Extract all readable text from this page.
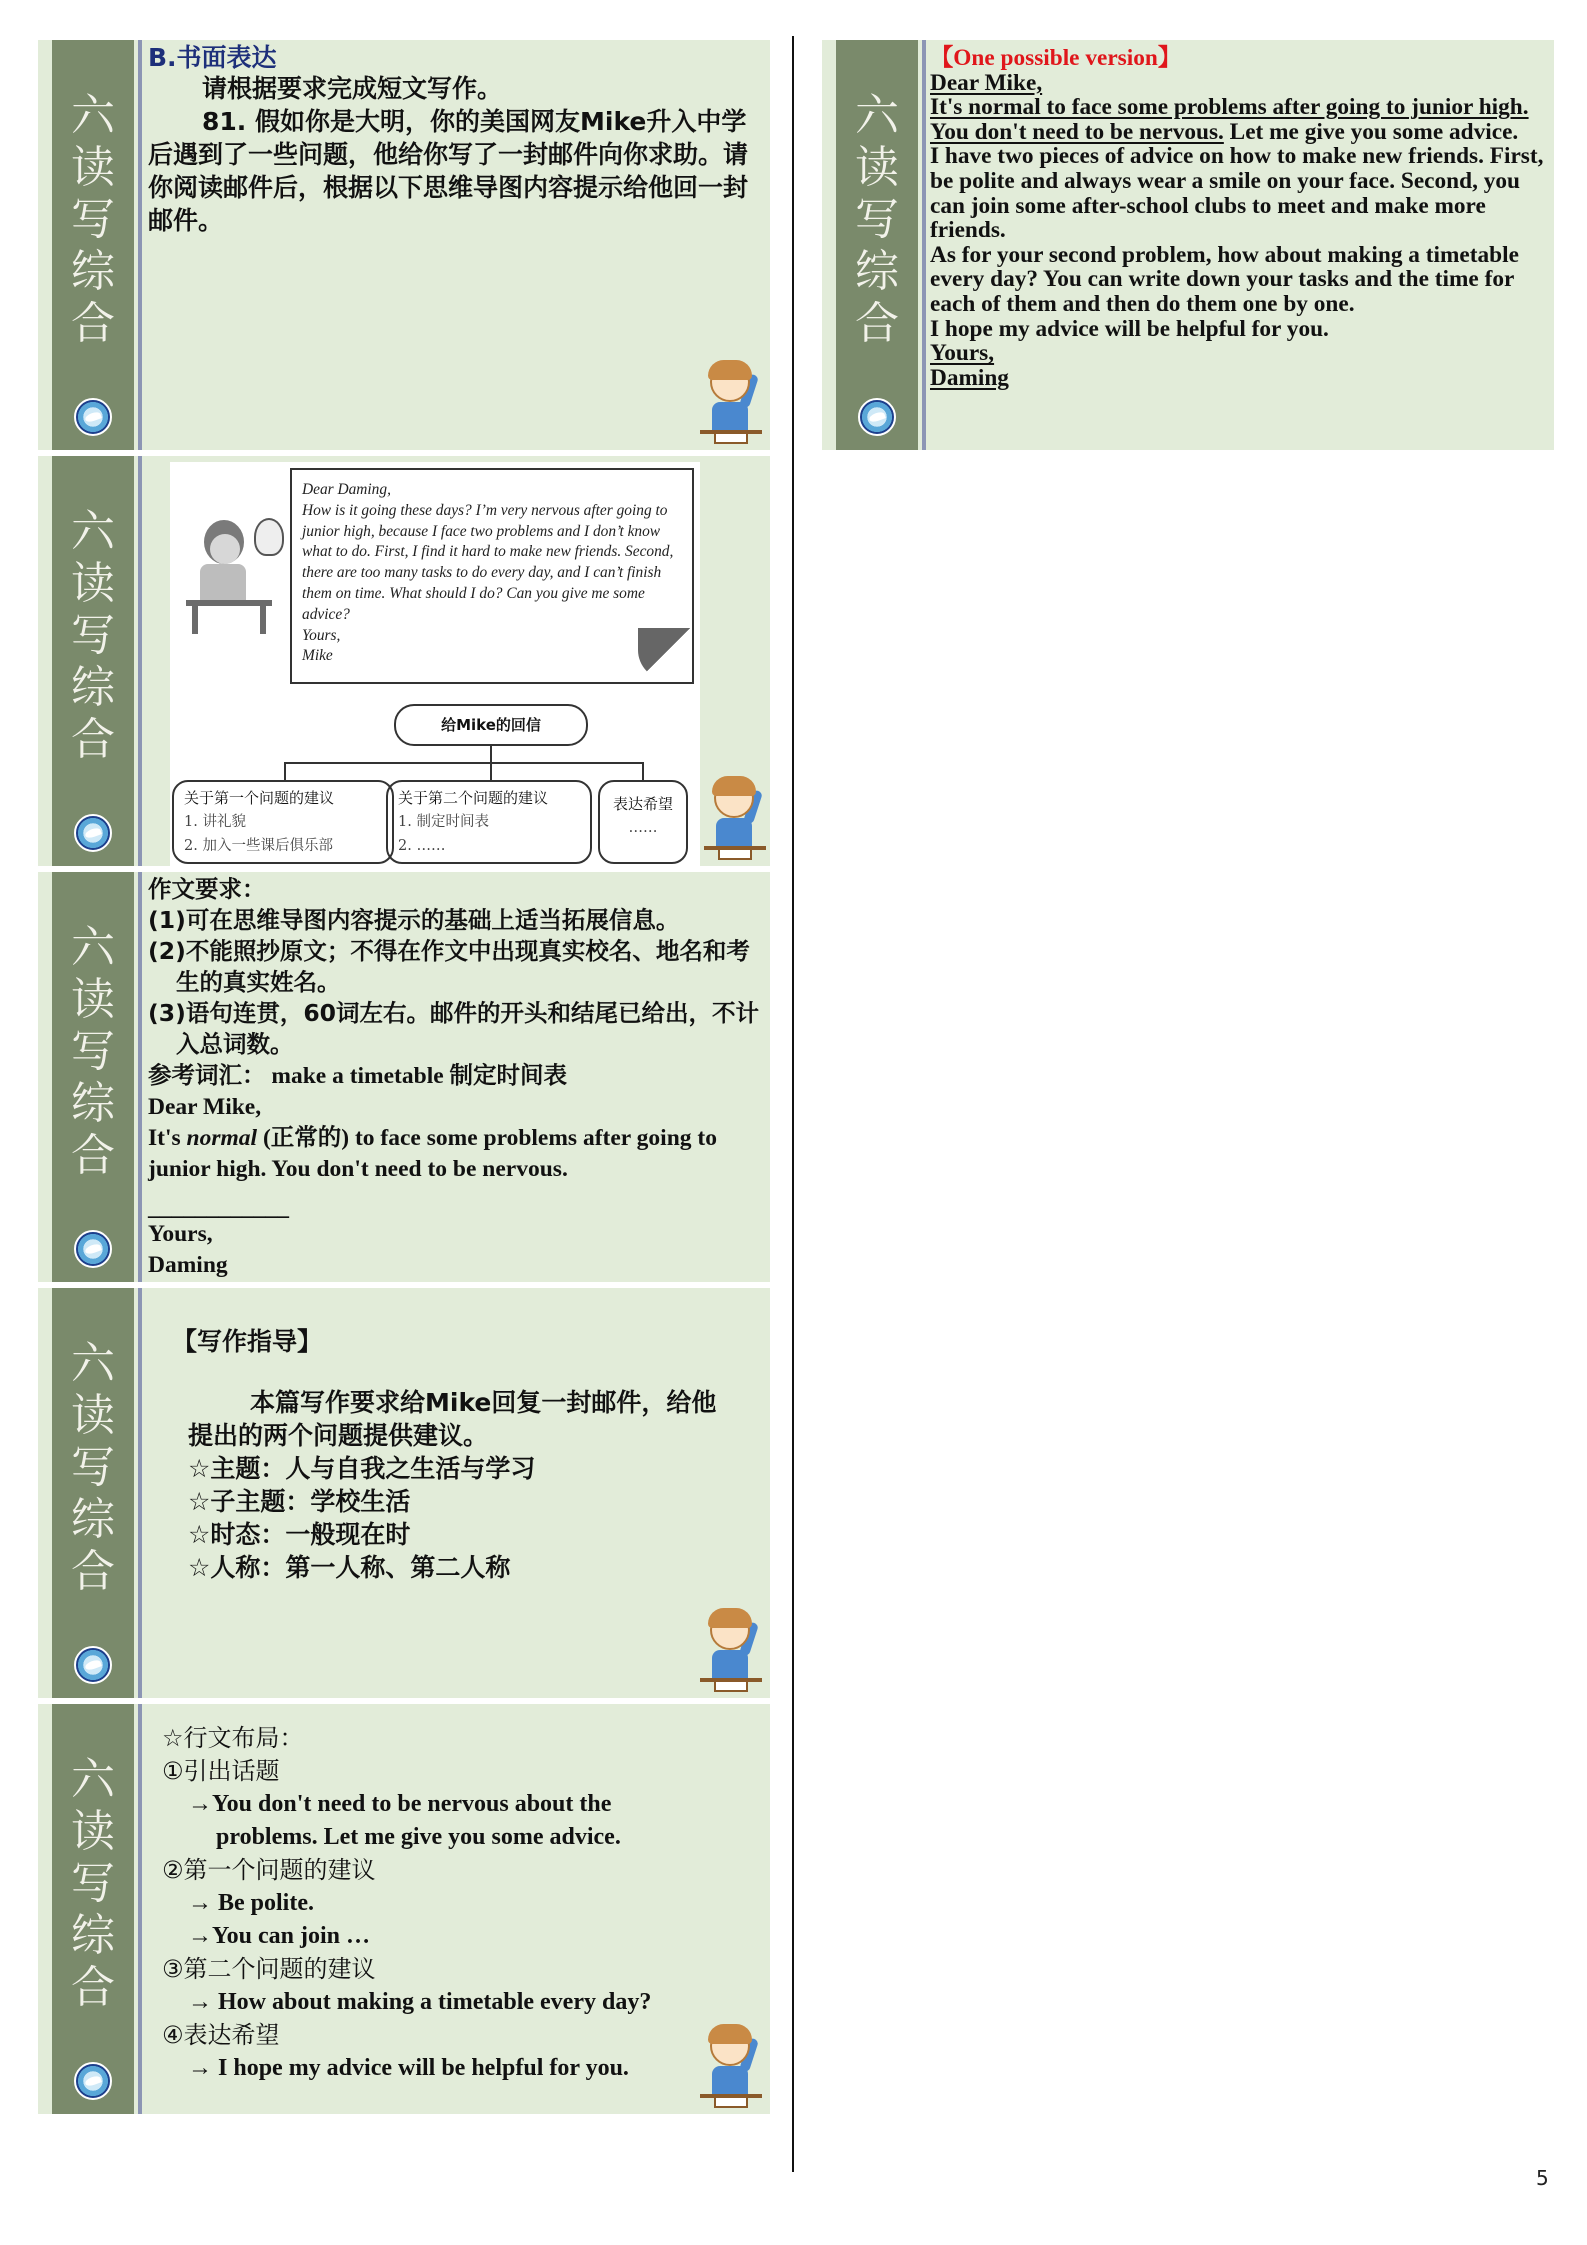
六
读
写
综
合
B.书面表达
请根据要求完成短文写作。
81. 假如你是大明，你的美国网友Mike升入中学后遇到了一些问题，他给你写了一封邮件向你求助。请你阅读邮件后，根据以下思维导图内容提示给他回一封邮件。
六
读
写
综
合
Dear Daming,
How is it going these days? I’m very nervous after going to junior high, because I face two problems and I don’t know what to do. First, I find it hard to make new friends. Second, there are too many tasks to do every day, and I can’t finish them on time. What should I do? Can you give me some advice?
Yours,
Mike
给Mike的回信
关于第一个问题的建议
1. 讲礼貌
2. 加入一些课后俱乐部
关于第二个问题的建议
1. 制定时间表
2. ……
表达希望
……
六
读
写
综
合
作文要求：
(1)可在思维导图内容提示的基础上适当拓展信息。
(2)不能照抄原文；不得在作文中出现真实校名、地名和考生的真实姓名。
(3)语句连贯，60词左右。邮件的开头和结尾已给出，不计入总词数。
参考词汇： make a timetable 制定时间表
Dear Mike,
It's normal (正常的) to face some problems after going to junior high. You don't need to be nervous.
____________
Yours,
Daming
六
读
写
综
合
【写作指导】
本篇写作要求给Mike回复一封邮件，给他提出的两个问题提供建议。
☆主题：人与自我之生活与学习
☆子主题：学校生活
☆时态：一般现在时
☆人称：第一人称、第二人称
六
读
写
综
合
☆行文布局：
①引出话题
→You don't need to be nervous about the
problems. Let me give you some advice.
②第一个问题的建议
→ Be polite.
→You can join …
③第二个问题的建议
→ How about making a timetable every day?
④表达希望
→ I hope my advice will be helpful for you.
六
读
写
综
合
【One possible version】
Dear Mike,
It's normal to face some problems after going to junior high. You don't need to be nervous. Let me give you some advice.
I have two pieces of advice on how to make new friends. First, be polite and always wear a smile on your face. Second, you can join some after-school clubs to meet and make more friends.
As for your second problem, how about making a timetable every day? You can write down your tasks and the time for each of them and then do them one by one.
I hope my advice will be helpful for you.
Yours,
Daming
5
